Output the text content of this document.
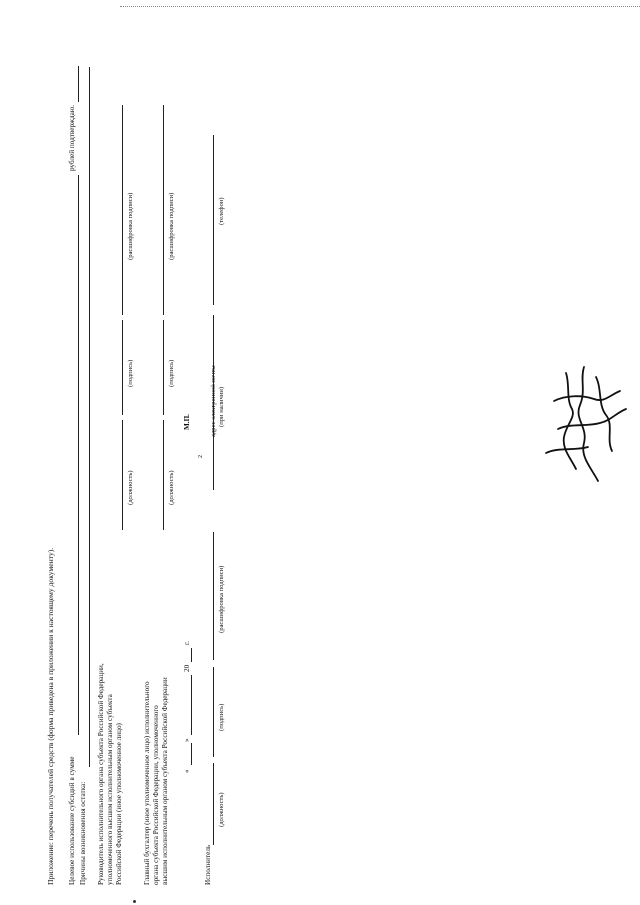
2
Приложение: перечень получателей средств (форма приведена в приложении к настоящему документу). Целевое использование субсидий в сумме
рублей подтверждаю.
Причины возникновения остатка: Руководитель исполнительного органа субъекта Российской Федерации, уполномоченного высшим исполнительным органом субъекта Российской Федерации (иное уполномоченное лицо)
(должность)
(подпись)
(расшифровка подписи)
Главный бухгалтер (иное уполномоченное лицо) исполнительного органа субъекта Российской Федерации, уполномоченного высшим исполнительным органом субъекта Российской Федерации
(должность)
(подпись)
(расшифровка подписи)
«
»
20
г.
М.П.
Исполнитель
(должность)
(подпись)
(расшифровка подписи)
адрес электронной почты (при наличии)
(телефон)
